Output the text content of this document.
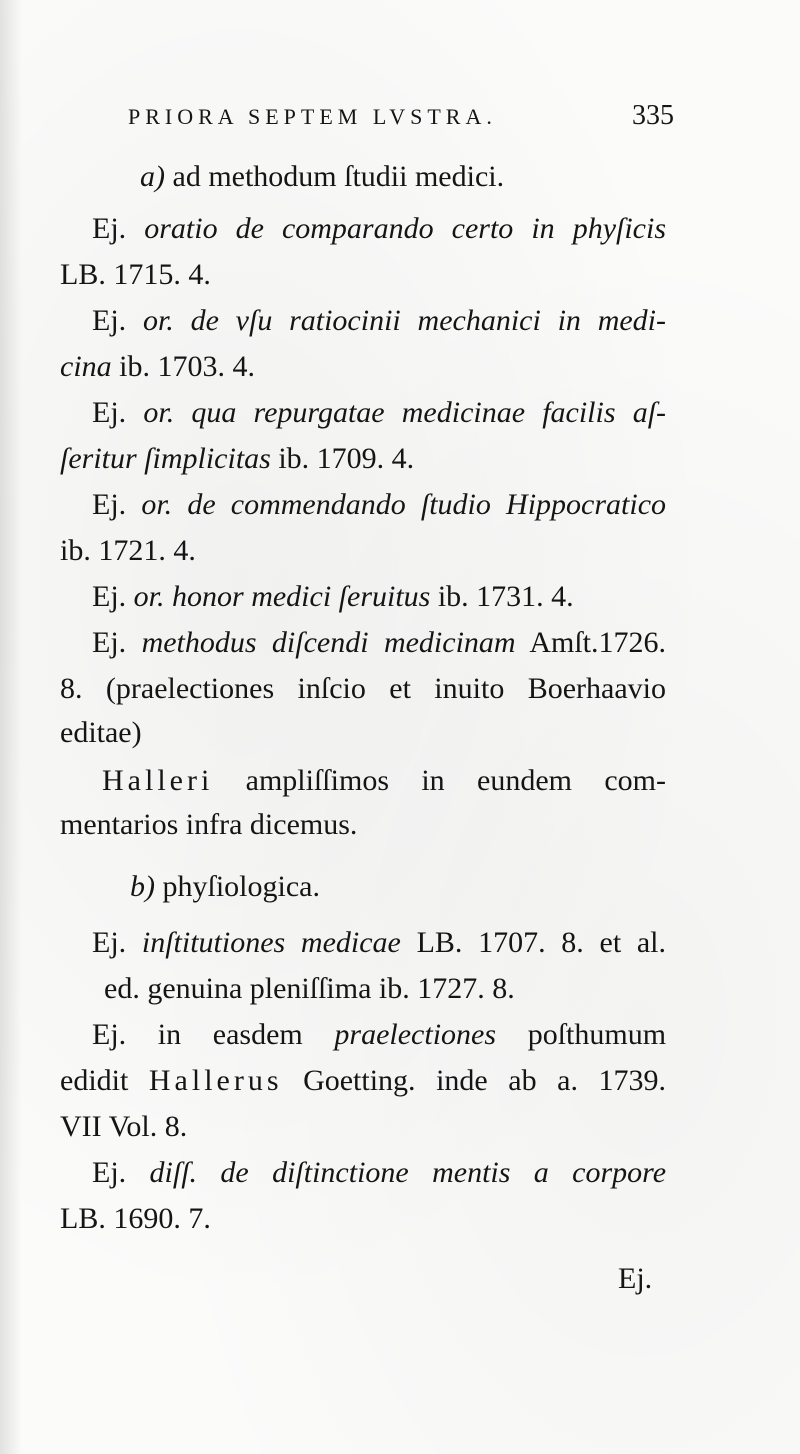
PRIORA SEPTEM LVSTRA.	335
a) ad methodum ſtudii medici.
Ej. oratio de comparando certo in phyſicis
LB. 1715. 4.
Ej. or. de vſu ratiocinii mechanici in medi-
cina ib. 1703. 4.
Ej. or. qua repurgatae medicinae facilis aſ-
ſeritur ſimplicitas ib. 1709. 4.
Ej. or. de commendando ſtudio Hippocratico
ib. 1721. 4.
Ej. or. honor medici ſeruitus ib. 1731. 4.
Ej. methodus diſcendi medicinam Amſt.1726.
8. (praelectiones inſcio et inuito Boerhaavio
editae)
Halleri ampliſſimos in eundem com-
mentarios infra dicemus.
b) phyſiologica.
Ej. inſtitutiones medicae LB. 1707. 8. et al.
ed. genuina pleniſſima ib. 1727. 8.
Ej. in easdem praelectiones poſthumum
edidit Hallerus Goetting. inde ab a. 1739.
VII Vol. 8.
Ej. diſſ. de diſtinctione mentis a corpore
LB. 1690. 7.
Ej.
